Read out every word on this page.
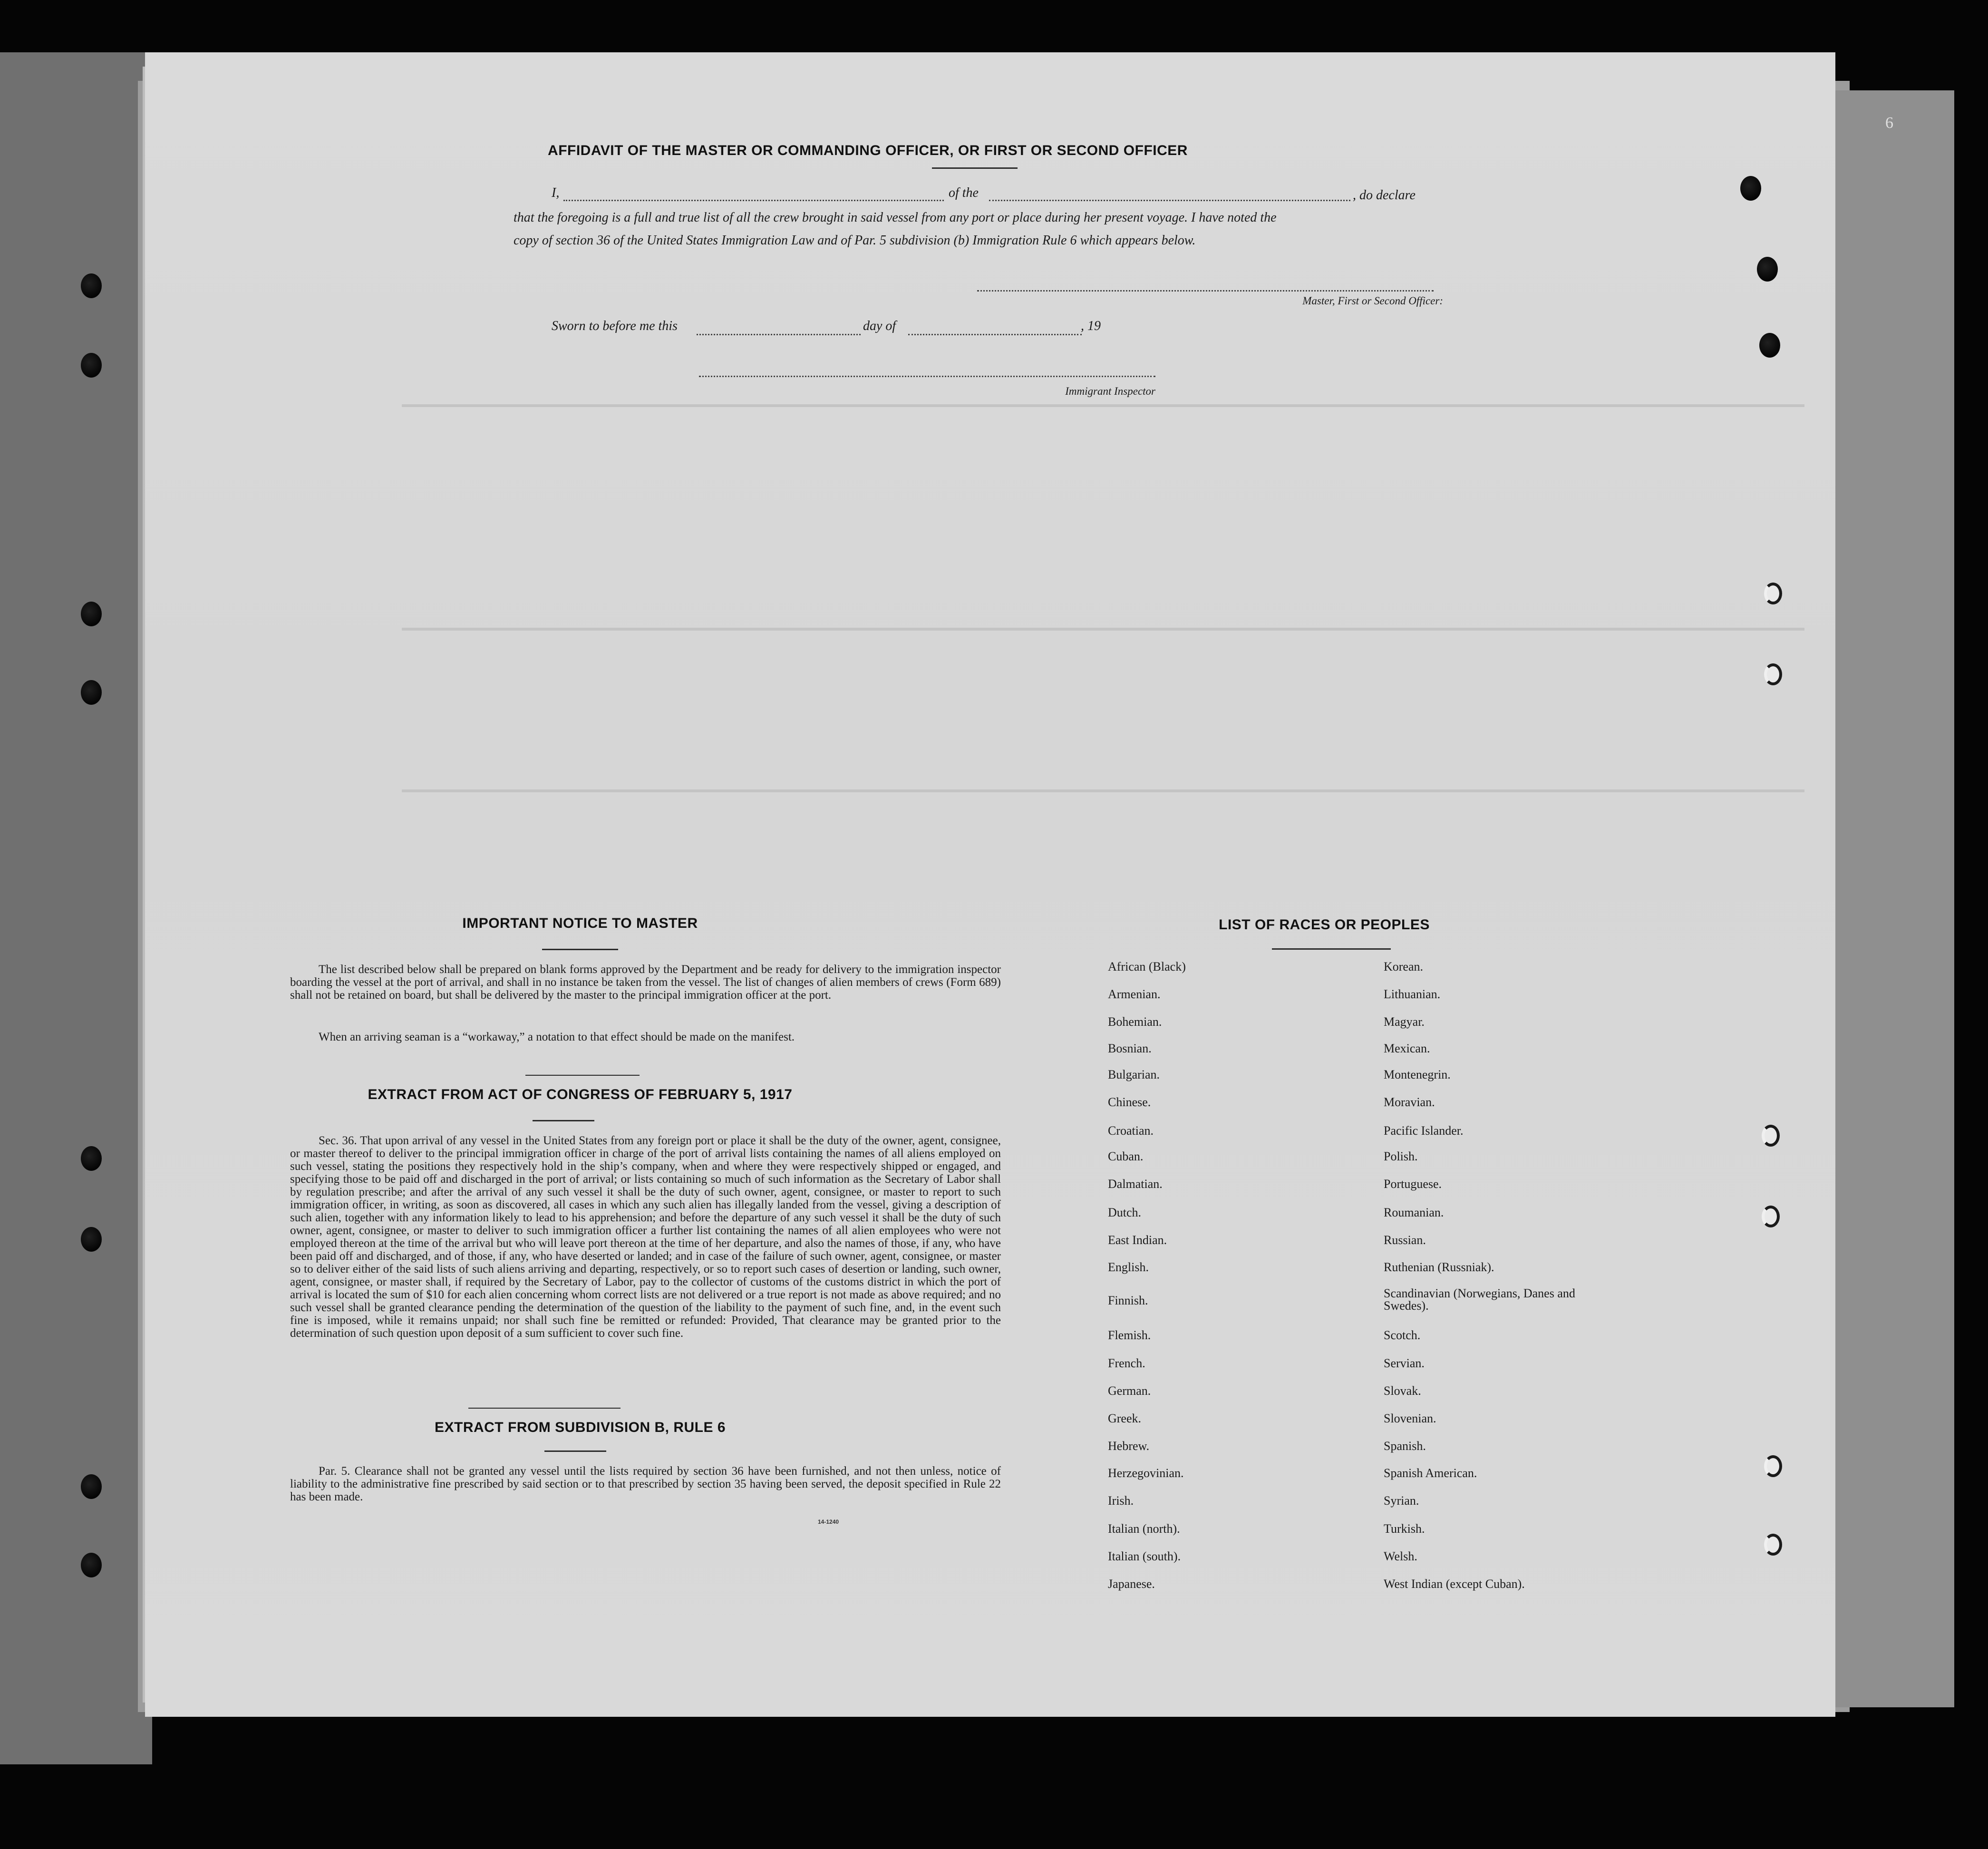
6
AFFIDAVIT OF THE MASTER OR COMMANDING OFFICER, OR FIRST OR SECOND OFFICER
I,	of the	, do declare
that the foregoing is a full and true list of all the crew brought in said vessel from any port or place during her present voyage. I have noted the
copy of section 36 of the United States Immigration Law and of Par. 5 subdivision (b) Immigration Rule 6 which appears below.
Master, First or Second Officer:
Sworn to before me this	day of	, 19
Immigrant Inspector
IMPORTANT NOTICE TO MASTER
The list described below shall be prepared on blank forms approved by the Department and be ready for delivery to the immigration inspector boarding the vessel at the port of arrival, and shall in no instance be taken from the vessel. The list of changes of alien members of crews (Form 689) shall not be retained on board, but shall be delivered by the master to the principal immigration officer at the port.
When an arriving seaman is a “workaway,” a notation to that effect should be made on the manifest.
EXTRACT FROM ACT OF CONGRESS OF FEBRUARY 5, 1917
Sec. 36. That upon arrival of any vessel in the United States from any foreign port or place it shall be the duty of the owner, agent, consignee, or master thereof to deliver to the principal immigration officer in charge of the port of arrival lists containing the names of all aliens employed on such vessel, stating the positions they respectively hold in the ship’s company, when and where they were respectively shipped or engaged, and specifying those to be paid off and discharged in the port of arrival; or lists containing so much of such information as the Secretary of Labor shall by regulation prescribe; and after the arrival of any such vessel it shall be the duty of such owner, agent, consignee, or master to report to such immigration officer, in writing, as soon as discovered, all cases in which any such alien has illegally landed from the vessel, giving a description of such alien, together with any information likely to lead to his apprehension; and before the departure of any such vessel it shall be the duty of such owner, agent, consignee, or master to deliver to such immigration officer a further list containing the names of all alien employees who were not employed thereon at the time of the arrival but who will leave port thereon at the time of her departure, and also the names of those, if any, who have been paid off and discharged, and of those, if any, who have deserted or landed; and in case of the failure of such owner, agent, consignee, or master so to deliver either of the said lists of such aliens arriving and departing, respectively, or so to report such cases of desertion or landing, such owner, agent, consignee, or master shall, if required by the Secretary of Labor, pay to the collector of customs of the customs district in which the port of arrival is located the sum of $10 for each alien concerning whom correct lists are not delivered or a true report is not made as above required; and no such vessel shall be granted clearance pending the determination of the question of the liability to the payment of such fine, and, in the event such fine is imposed, while it remains unpaid; nor shall such fine be remitted or refunded: Provided, That clearance may be granted prior to the determination of such question upon deposit of a sum sufficient to cover such fine.
EXTRACT FROM SUBDIVISION B, RULE 6
Par. 5. Clearance shall not be granted any vessel until the lists required by section 36 have been furnished, and not then unless, notice of liability to the administrative fine prescribed by said section or to that prescribed by section 35 having been served, the deposit specified in Rule 22 has been made.
14-1240
LIST OF RACES OR PEOPLES
African (Black)
Armenian.
Bohemian.
Bosnian.
Bulgarian.
Chinese.
Croatian.
Cuban.
Dalmatian.
Dutch.
East Indian.
English.
Finnish.
Flemish.
French.
German.
Greek.
Hebrew.
Herzegovinian.
Irish.
Italian (north).
Italian (south).
Japanese.
Korean.
Lithuanian.
Magyar.
Mexican.
Montenegrin.
Moravian.
Pacific Islander.
Polish.
Portuguese.
Roumanian.
Russian.
Ruthenian (Russniak).
Scandinavian (Norwegians, Danes and Swedes).
Scotch.
Servian.
Slovak.
Slovenian.
Spanish.
Spanish American.
Syrian.
Turkish.
Welsh.
West Indian (except Cuban).
